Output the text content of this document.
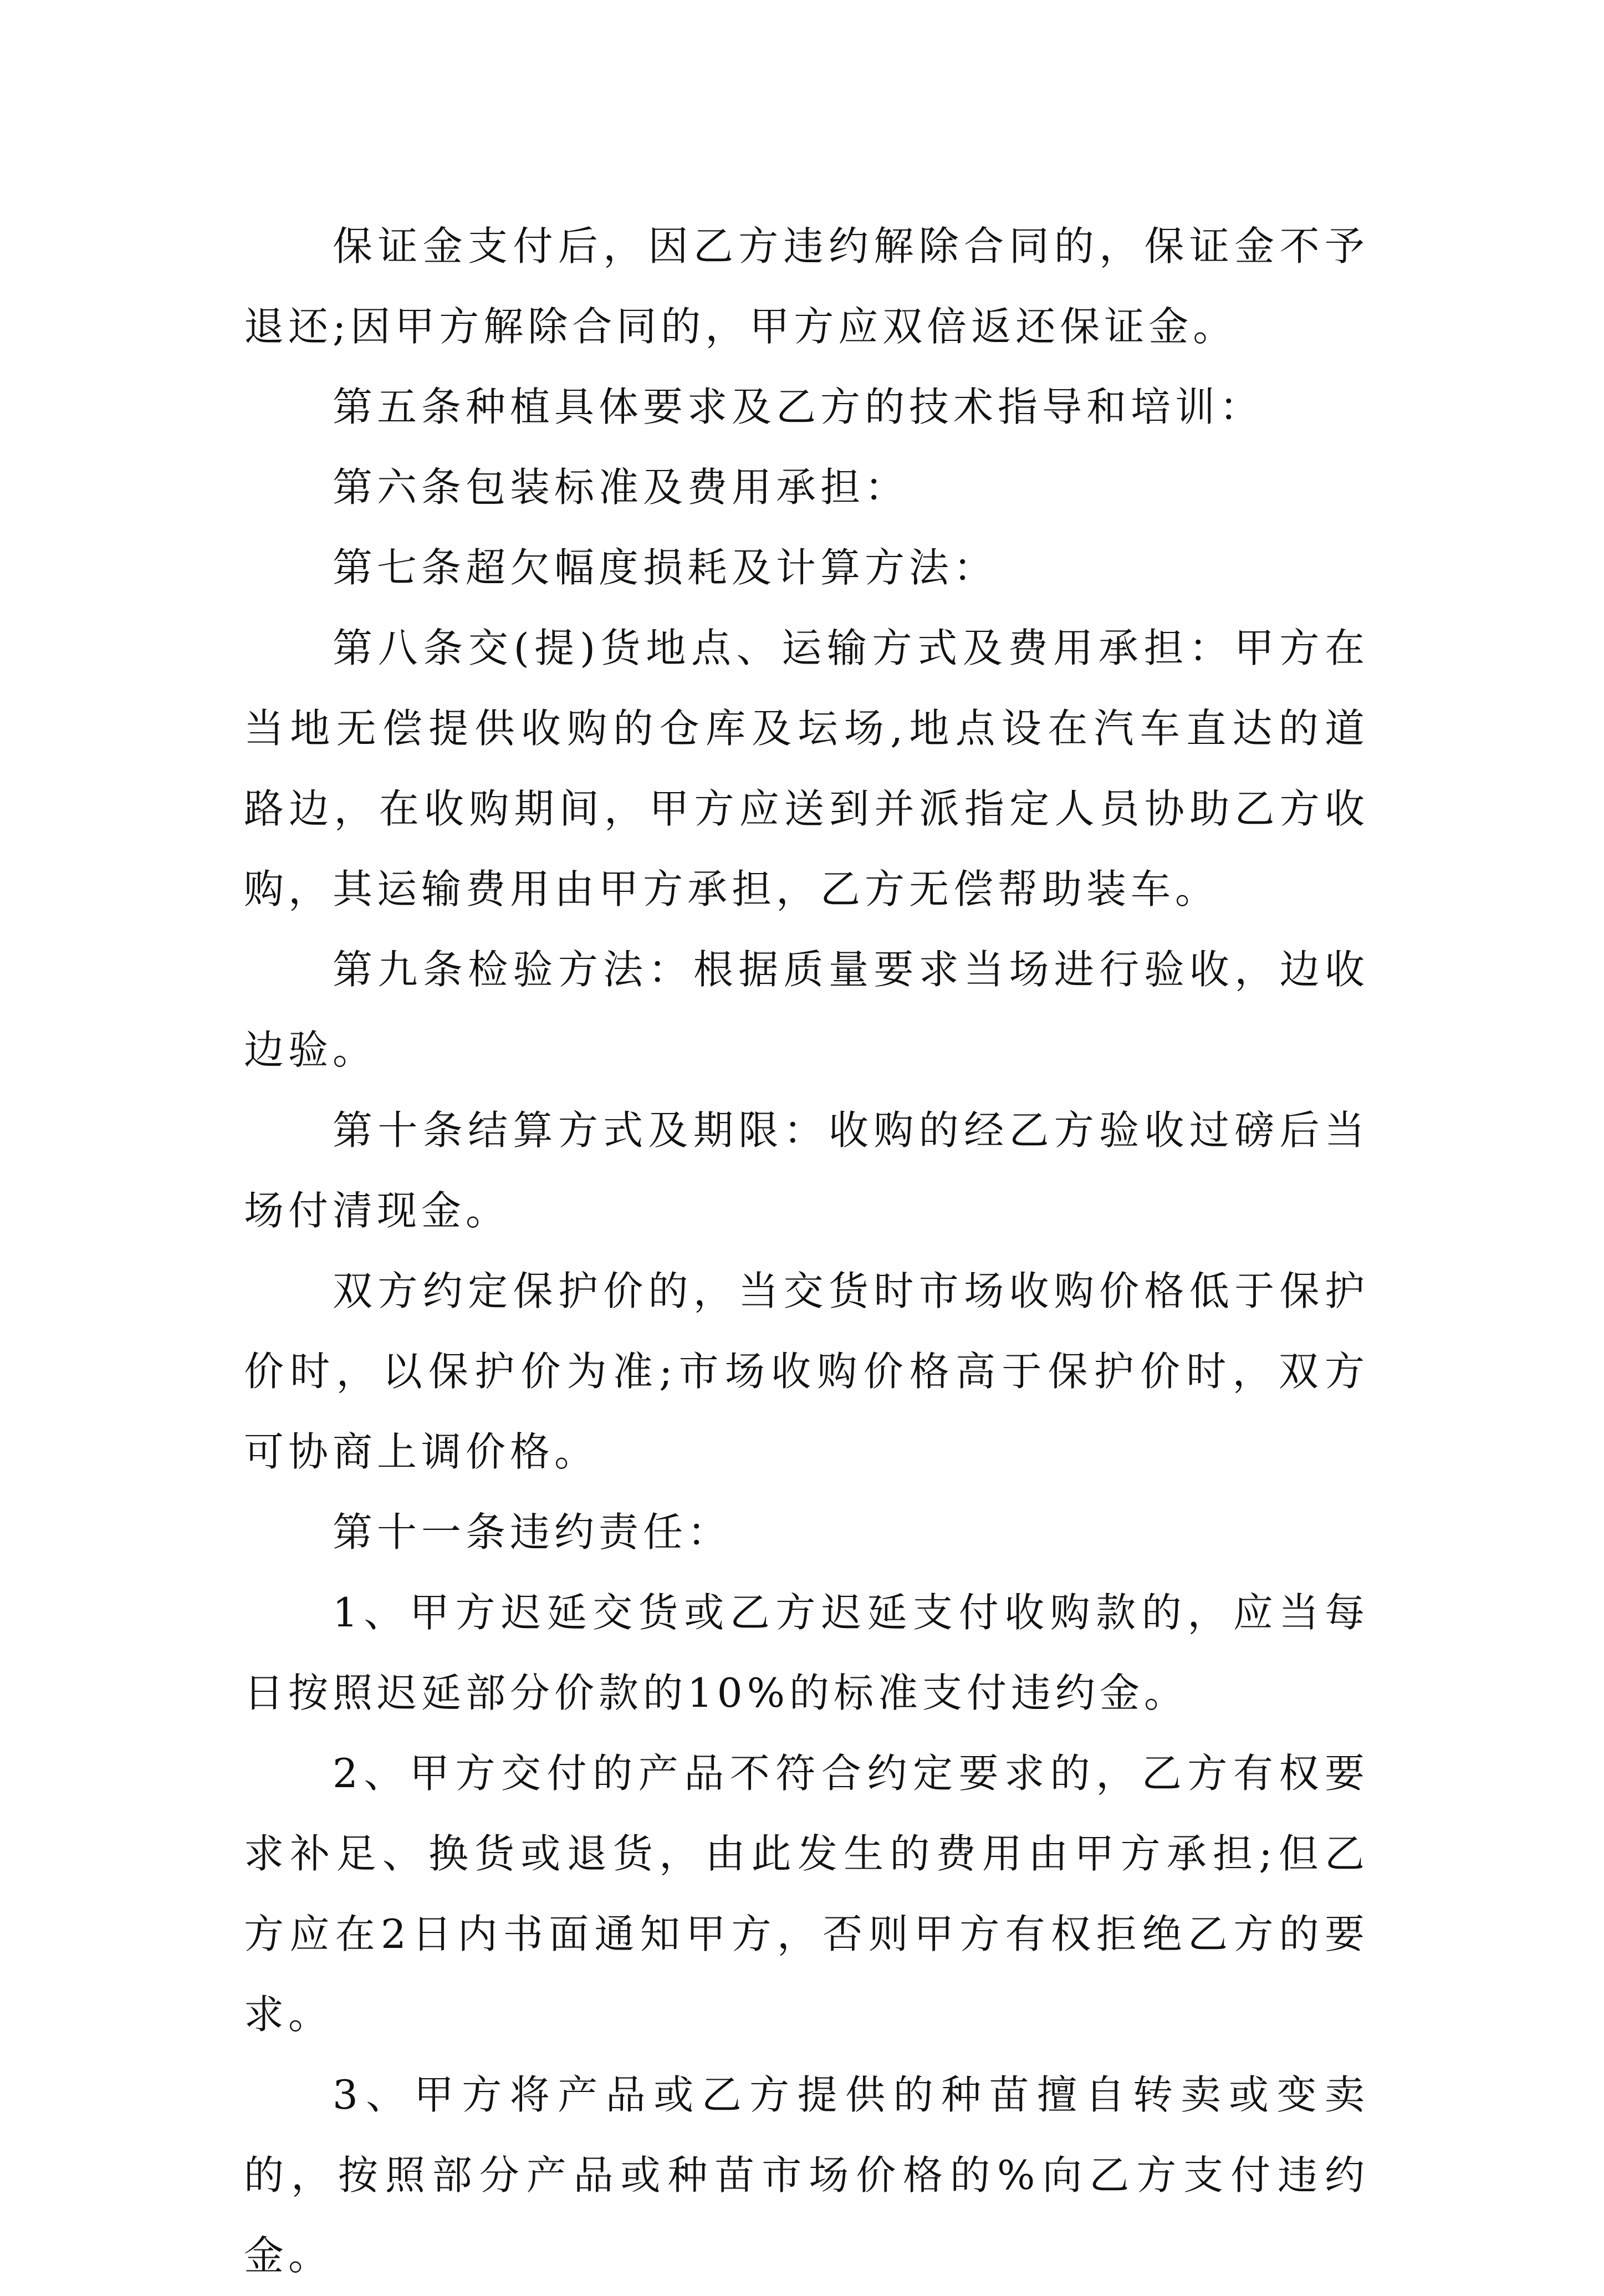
保证金支付后，因乙方违约解除合同的，保证金不予退还;因甲方解除合同的，甲方应双倍返还保证金。

第五条种植具体要求及乙方的技术指导和培训：

第六条包装标准及费用承担：

第七条超欠幅度损耗及计算方法：

第八条交(提)货地点、运输方式及费用承担：甲方在当地无偿提供收购的仓库及坛场,地点设在汽车直达的道路边，在收购期间，甲方应送到并派指定人员协助乙方收购，其运输费用由甲方承担，乙方无偿帮助装车。

第九条检验方法：根据质量要求当场进行验收，边收边验。

第十条结算方式及期限：收购的经乙方验收过磅后当场付清现金。

双方约定保护价的，当交货时市场收购价格低于保护价时，以保护价为准;市场收购价格高于保护价时，双方可协商上调价格。

第十一条违约责任：

1、甲方迟延交货或乙方迟延支付收购款的，应当每日按照迟延部分价款的10%的标准支付违约金。

2、甲方交付的产品不符合约定要求的，乙方有权要求补足、换货或退货，由此发生的费用由甲方承担;但乙方应在2日内书面通知甲方，否则甲方有权拒绝乙方的要求。

3、甲方将产品或乙方提供的种苗擅自转卖或变卖的，按照部分产品或种苗市场价格的%向乙方支付违约金。
